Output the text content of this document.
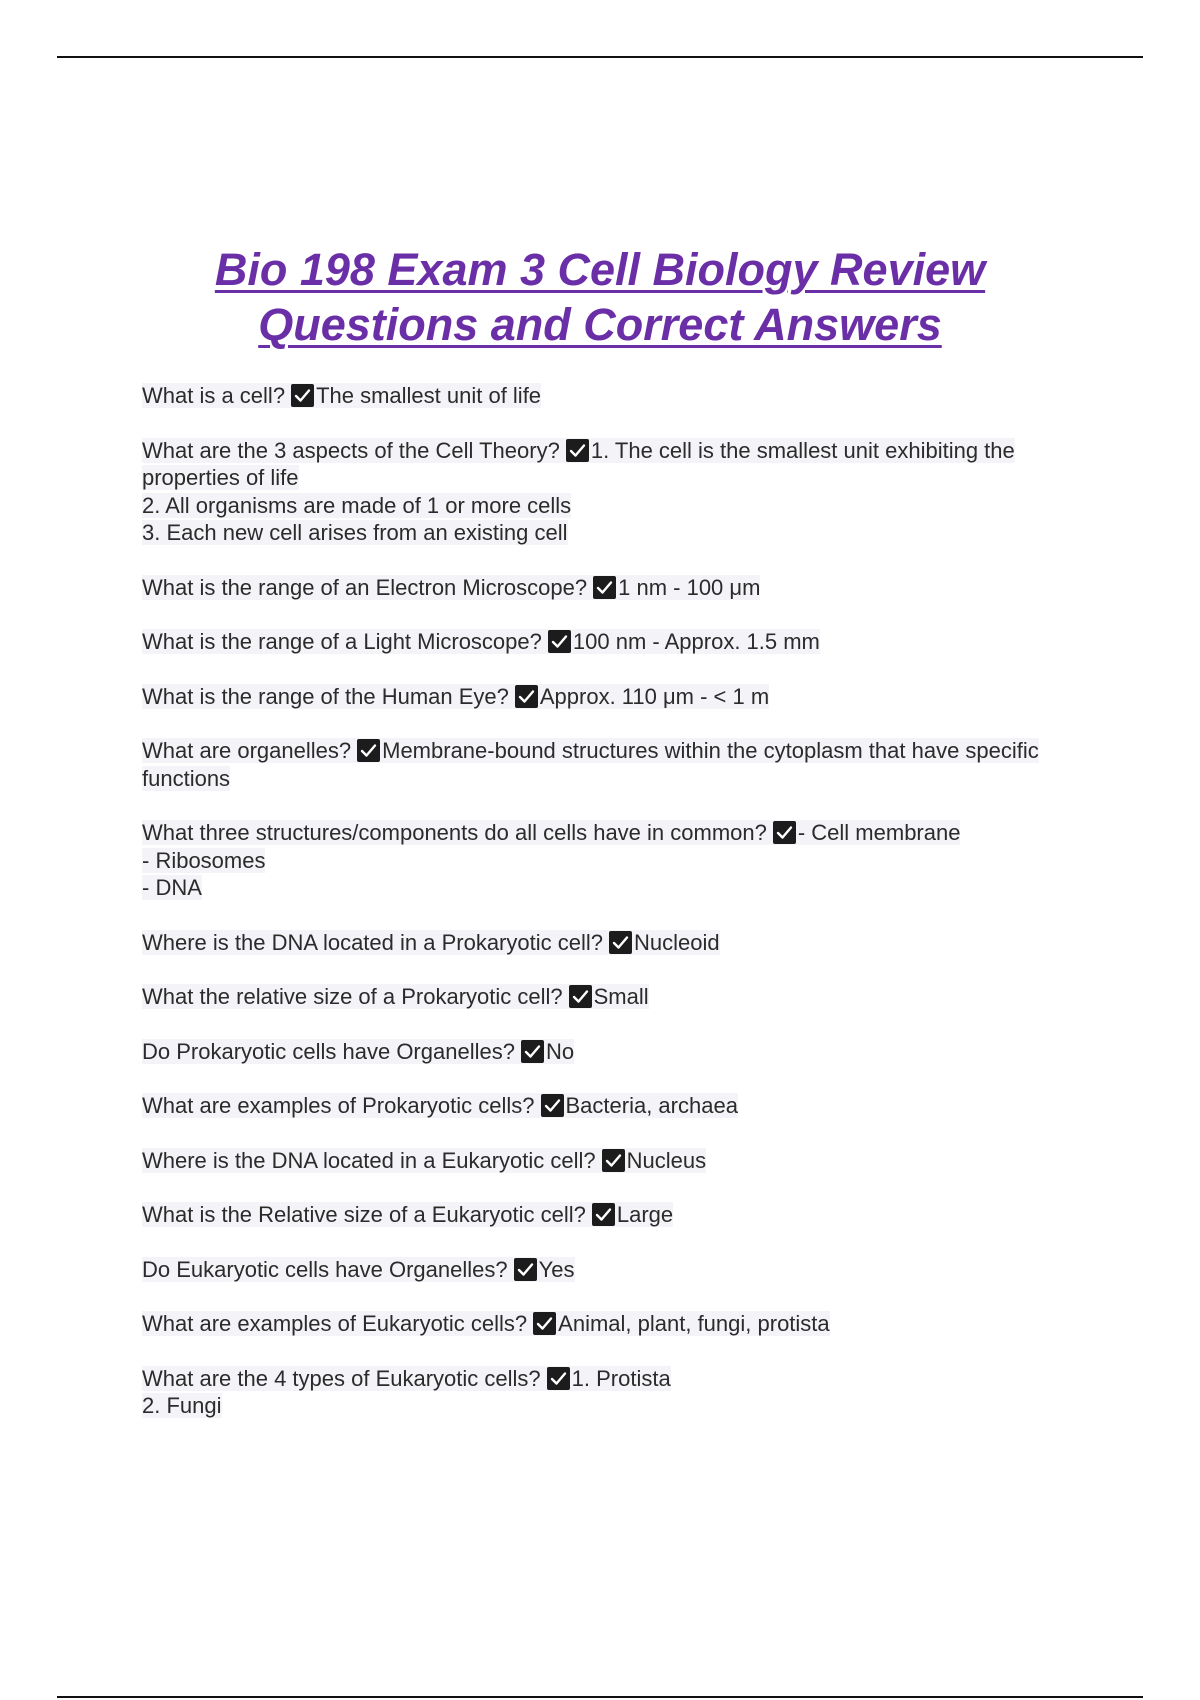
Bio 198 Exam 3 Cell Biology Review
Questions and Correct Answers
What is a cell? The smallest unit of life
What are the 3 aspects of the Cell Theory? 1. The cell is the smallest unit exhibiting the properties of life
2. All organisms are made of 1 or more cells
3. Each new cell arises from an existing cell
What is the range of an Electron Microscope? 1 nm - 100 μm
What is the range of a Light Microscope? 100 nm - Approx. 1.5 mm
What is the range of the Human Eye? Approx. 110 μm - < 1 m
What are organelles? Membrane-bound structures within the cytoplasm that have specific functions
What three structures/components do all cells have in common? - Cell membrane
- Ribosomes
- DNA
Where is the DNA located in a Prokaryotic cell? Nucleoid
What the relative size of a Prokaryotic cell? Small
Do Prokaryotic cells have Organelles? No
What are examples of Prokaryotic cells? Bacteria, archaea
Where is the DNA located in a Eukaryotic cell? Nucleus
What is the Relative size of a Eukaryotic cell? Large
Do Eukaryotic cells have Organelles? Yes
What are examples of Eukaryotic cells? Animal, plant, fungi, protista
What are the 4 types of Eukaryotic cells? 1. Protista
2. Fungi
